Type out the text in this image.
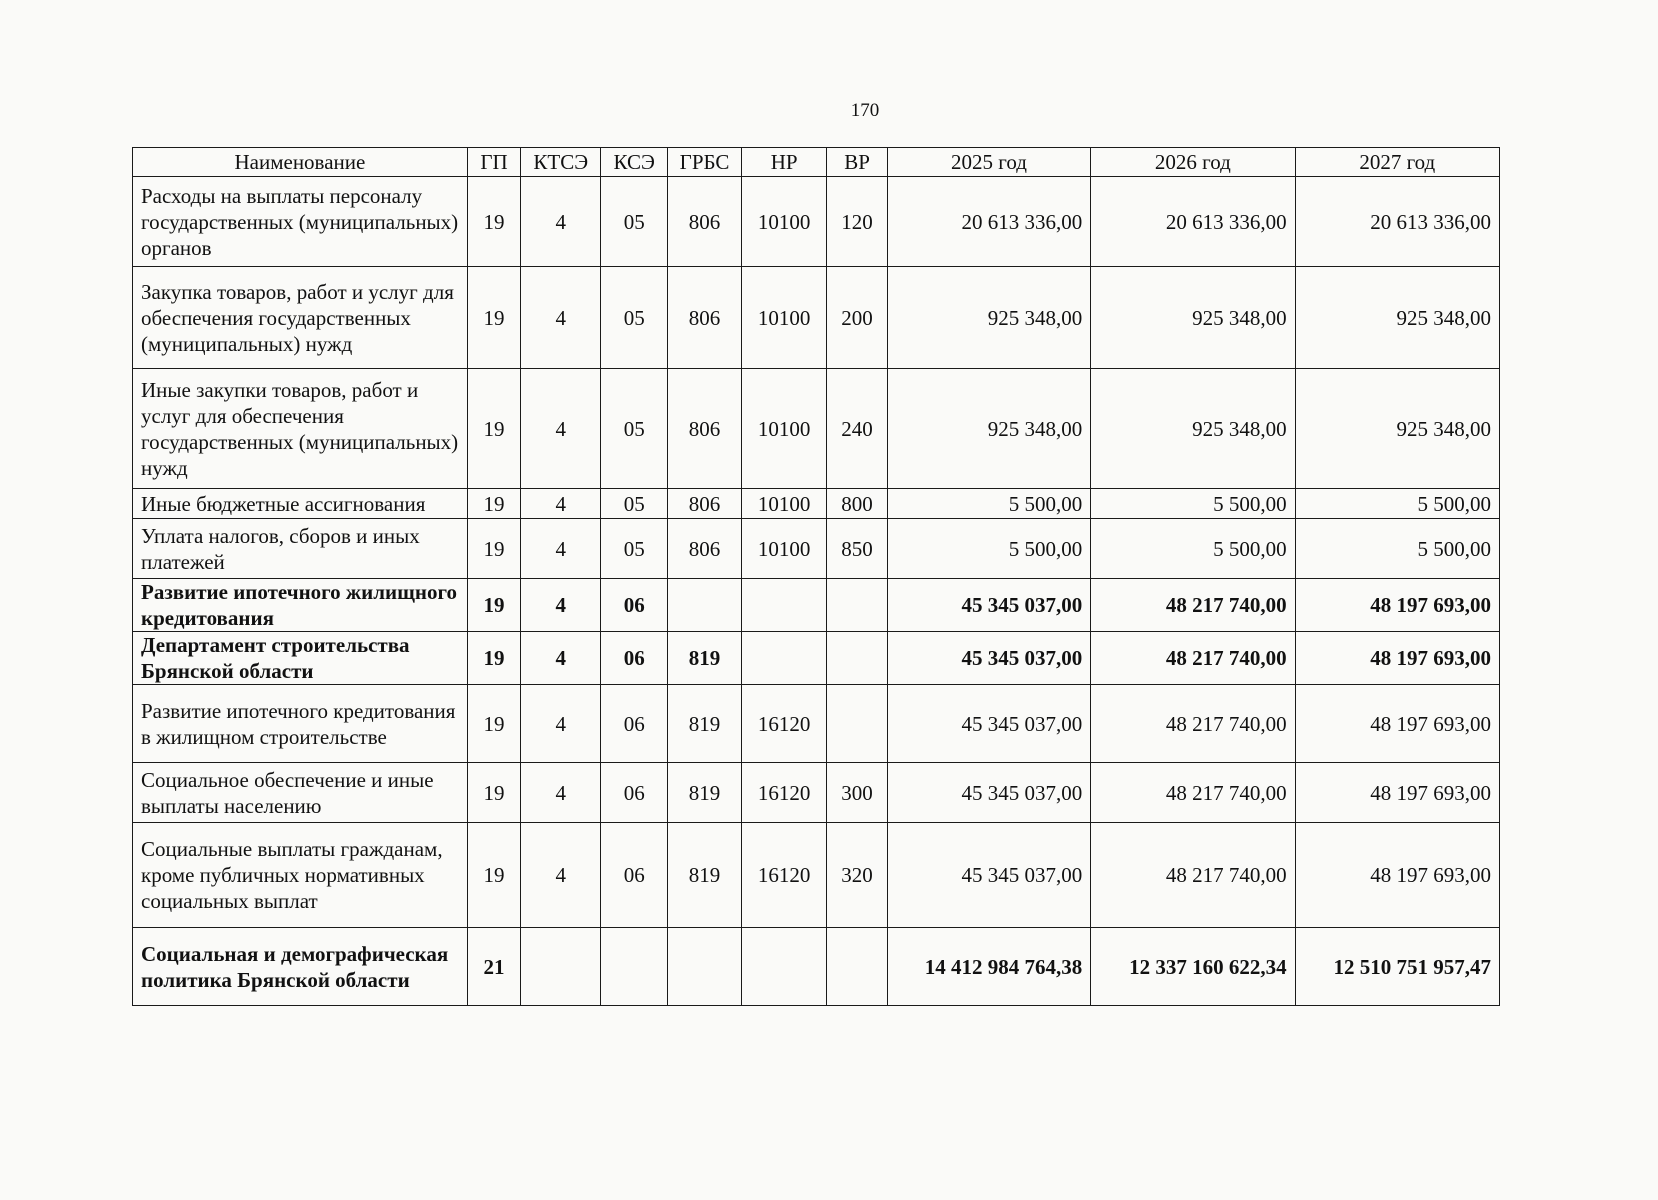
170
Наименование	ГП	КТСЭ	КСЭ	ГРБС	НР	ВР	2025 год	2026 год	2027 год
Расходы на выплаты персоналу государственных (муниципальных) органов	19	4	05	806	10100	120	20 613 336,00	20 613 336,00	20 613 336,00
Закупка товаров, работ и услуг для обеспечения государственных (муниципальных) нужд	19	4	05	806	10100	200	925 348,00	925 348,00	925 348,00
Иные закупки товаров, работ и услуг для обеспечения государственных (муниципальных) нужд	19	4	05	806	10100	240	925 348,00	925 348,00	925 348,00
Иные бюджетные ассигнования	19	4	05	806	10100	800	5 500,00	5 500,00	5 500,00
Уплата налогов, сборов и иных платежей	19	4	05	806	10100	850	5 500,00	5 500,00	5 500,00
Развитие ипотечного жилищного кредитования	19	4	06				45 345 037,00	48 217 740,00	48 197 693,00
Департамент строительства Брянской области	19	4	06	819			45 345 037,00	48 217 740,00	48 197 693,00
Развитие ипотечного кредитования в жилищном строительстве	19	4	06	819	16120		45 345 037,00	48 217 740,00	48 197 693,00
Социальное обеспечение и иные выплаты населению	19	4	06	819	16120	300	45 345 037,00	48 217 740,00	48 197 693,00
Социальные выплаты гражданам, кроме публичных нормативных социальных выплат	19	4	06	819	16120	320	45 345 037,00	48 217 740,00	48 197 693,00
Социальная и демографическая политика Брянской области	21						14 412 984 764,38	12 337 160 622,34	12 510 751 957,47
